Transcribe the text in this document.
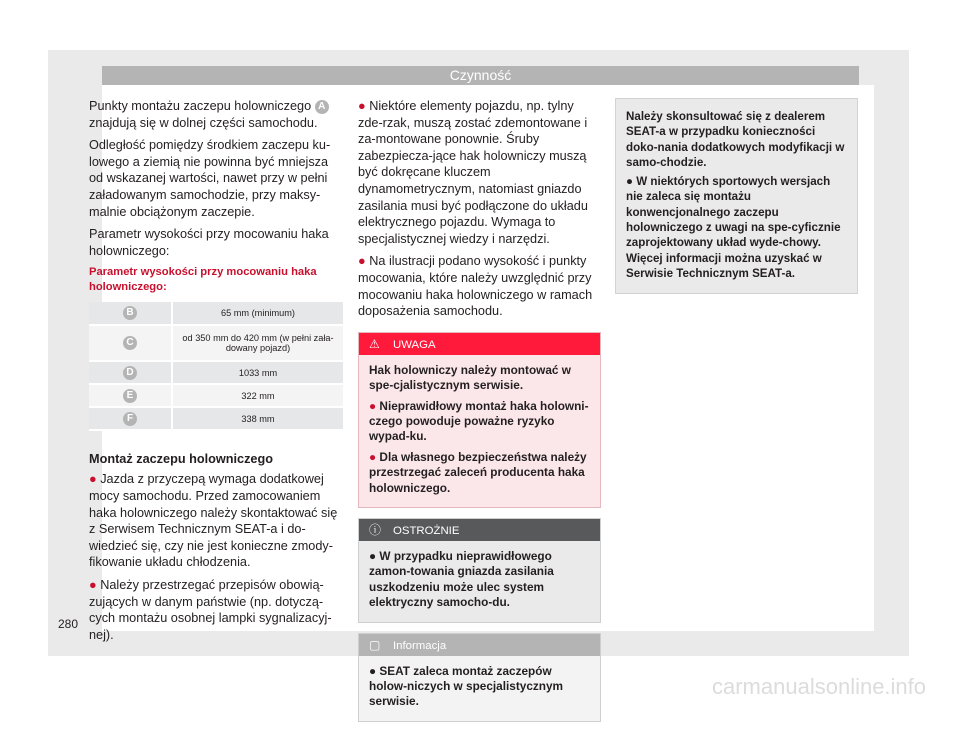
Czynność

Punkty montażu zaczepu holowniczego A znajdują się w dolnej części samochodu.

Odległość pomiędzy środkiem zaczepu ku-lowego a ziemią nie powinna być mniejsza od wskazanej wartości, nawet przy w pełni załadowanym samochodzie, przy maksy-malnie obciążonym zaczepie.

Parametr wysokości przy mocowaniu haka holowniczego:

Parametr wysokości przy mocowaniu haka holowniczego:
B	65 mm (minimum)
C	od 350 mm do 420 mm (w pełni zała-dowany pojazd)
D	1033 mm
E	322 mm
F	338 mm
Montaż zaczepu holowniczego

● Jazda z przyczepą wymaga dodatkowej mocy samochodu. Przed zamocowaniem haka holowniczego należy skontaktować się z Serwisem Technicznym SEAT-a i do-wiedzieć się, czy nie jest konieczne zmody-fikowanie układu chłodzenia.

● Należy przestrzegać przepisów obowią-zujących w danym państwie (np. dotyczą-cych montażu osobnej lampki sygnalizacyj-nej).

● Niektóre elementy pojazdu, np. tylny zde-rzak, muszą zostać zdemontowane i za-montowane ponownie. Śruby zabezpiecza-jące hak holowniczy muszą być dokręcane kluczem dynamometrycznym, natomiast gniazdo zasilania musi być podłączone do układu elektrycznego pojazdu. Wymaga to specjalistycznej wiedzy i narzędzi.

● Na ilustracji podano wysokość i punkty mocowania, które należy uwzględnić przy mocowaniu haka holowniczego w ramach doposażenia samochodu.

⚠ UWAGA

Hak holowniczy należy montować w spe-cjalistycznym serwisie.

● Nieprawidłowy montaż haka holowni-czego powoduje poważne ryzyko wypad-ku.

● Dla własnego bezpieczeństwa należy przestrzegać zaleceń producenta haka holowniczego.

ⓘ OSTROŻNIE

● W przypadku nieprawidłowego zamon-towania gniazda zasilania uszkodzeniu może ulec system elektryczny samocho-du.

▢ Informacja

● SEAT zaleca montaż zaczepów holow-niczych w specjalistycznym serwisie.

Należy skonsultować się z dealerem SEAT-a w przypadku konieczności doko-nania dodatkowych modyfikacji w samo-chodzie.

● W niektórych sportowych wersjach nie zaleca się montażu konwencjonalnego zaczepu holowniczego z uwagi na spe-cyficznie zaprojektowany układ wyde-chowy. Więcej informacji można uzyskać w Serwisie Technicznym SEAT-a.

280
carmanualsonline.info
